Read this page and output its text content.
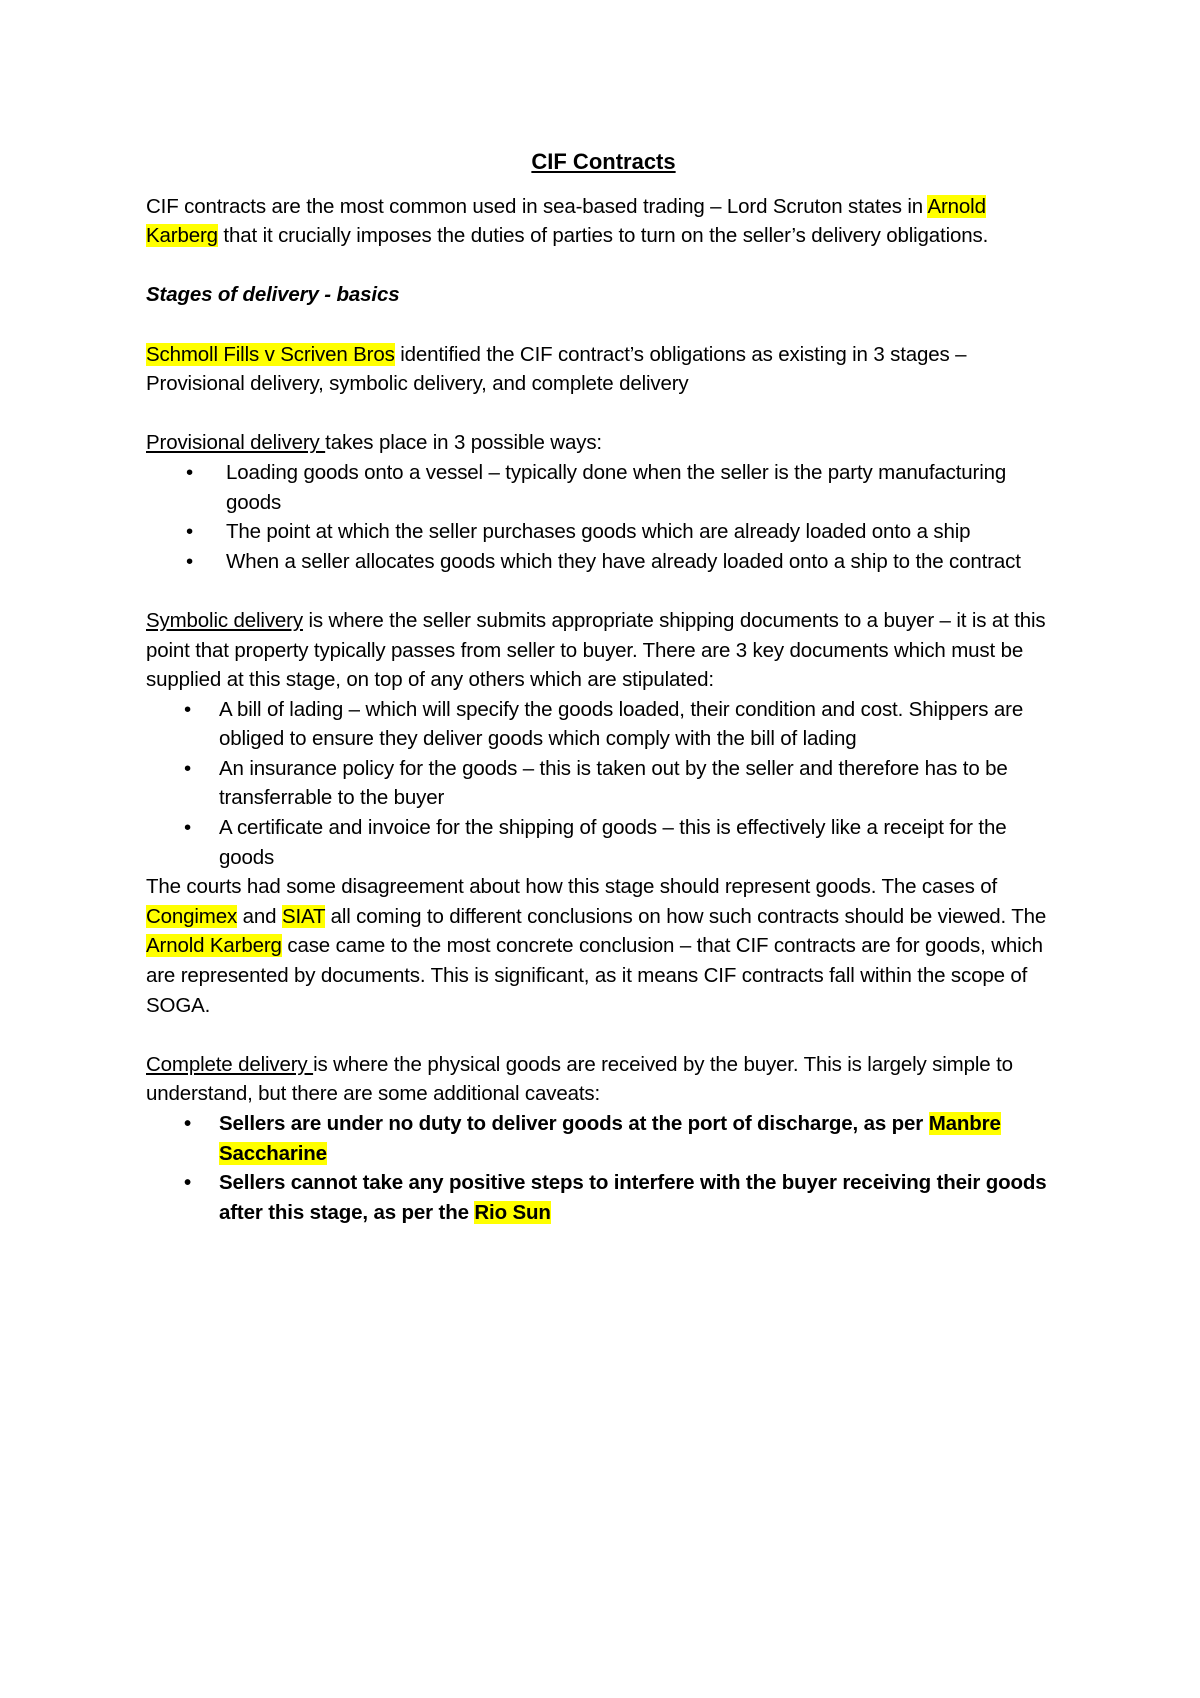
CIF Contracts

CIF contracts are the most common used in sea-based trading – Lord Scruton states in Arnold Karberg that it crucially imposes the duties of parties to turn on the seller’s delivery obligations.

Stages of delivery - basics

Schmoll Fills v Scriven Bros identified the CIF contract’s obligations as existing in 3 stages – Provisional delivery, symbolic delivery, and complete delivery

Provisional delivery takes place in 3 possible ways:

• Loading goods onto a vessel – typically done when the seller is the party manufacturing goods
• The point at which the seller purchases goods which are already loaded onto a ship
• When a seller allocates goods which they have already loaded onto a ship to the contract

Symbolic delivery is where the seller submits appropriate shipping documents to a buyer – it is at this point that property typically passes from seller to buyer. There are 3 key documents which must be supplied at this stage, on top of any others which are stipulated:

• A bill of lading – which will specify the goods loaded, their condition and cost. Shippers are obliged to ensure they deliver goods which comply with the bill of lading
• An insurance policy for the goods – this is taken out by the seller and therefore has to be transferrable to the buyer
• A certificate and invoice for the shipping of goods – this is effectively like a receipt for the goods

The courts had some disagreement about how this stage should represent goods. The cases of Congimex and SIAT all coming to different conclusions on how such contracts should be viewed. The Arnold Karberg case came to the most concrete conclusion – that CIF contracts are for goods, which are represented by documents. This is significant, as it means CIF contracts fall within the scope of SOGA.

Complete delivery is where the physical goods are received by the buyer. This is largely simple to understand, but there are some additional caveats:

• Sellers are under no duty to deliver goods at the port of discharge, as per Manbre Saccharine
• Sellers cannot take any positive steps to interfere with the buyer receiving their goods after this stage, as per the Rio Sun
